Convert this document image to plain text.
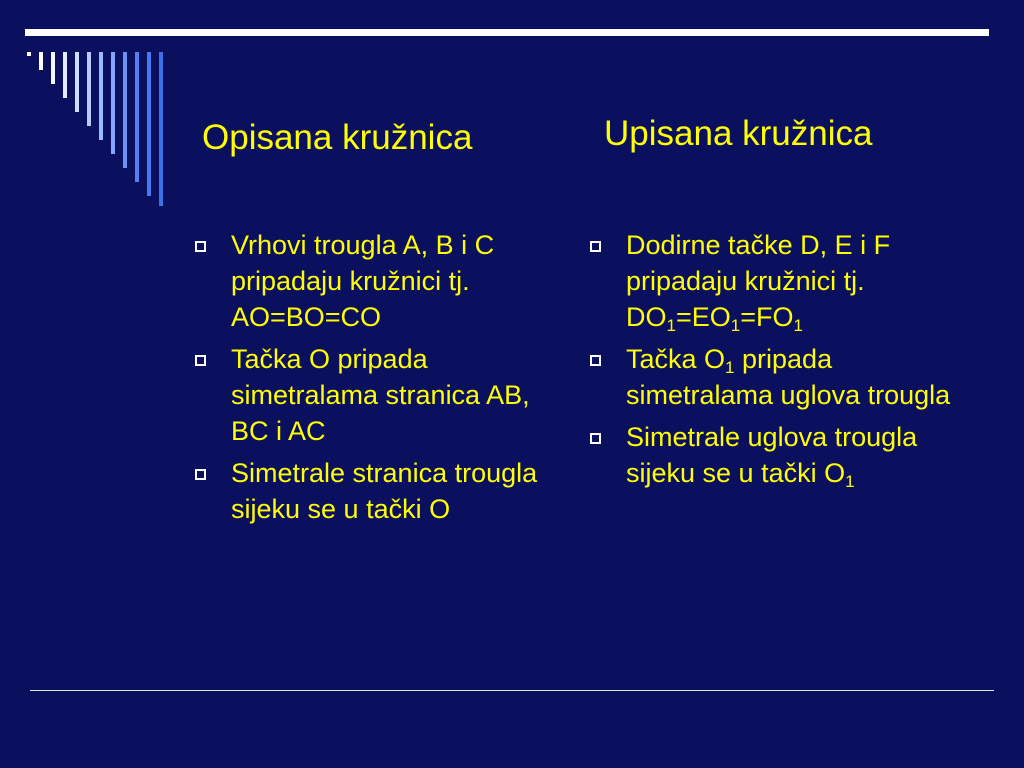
Opisana kružnica	Upisana kružnica
Vrhovi trougla A, B i C pripadaju kružnici tj. AO=BO=CO
Tačka O pripada simetralama stranica AB, BC i AC
Simetrale stranica trougla sijeku se u tački O
Dodirne tačke D, E i F pripadaju kružnici tj. $DO_1=EO_1=FO_1$
Tačka $O_1$ pripada simetralama uglova trougla
Simetrale uglova trougla sijeku se u tački $O_1$
